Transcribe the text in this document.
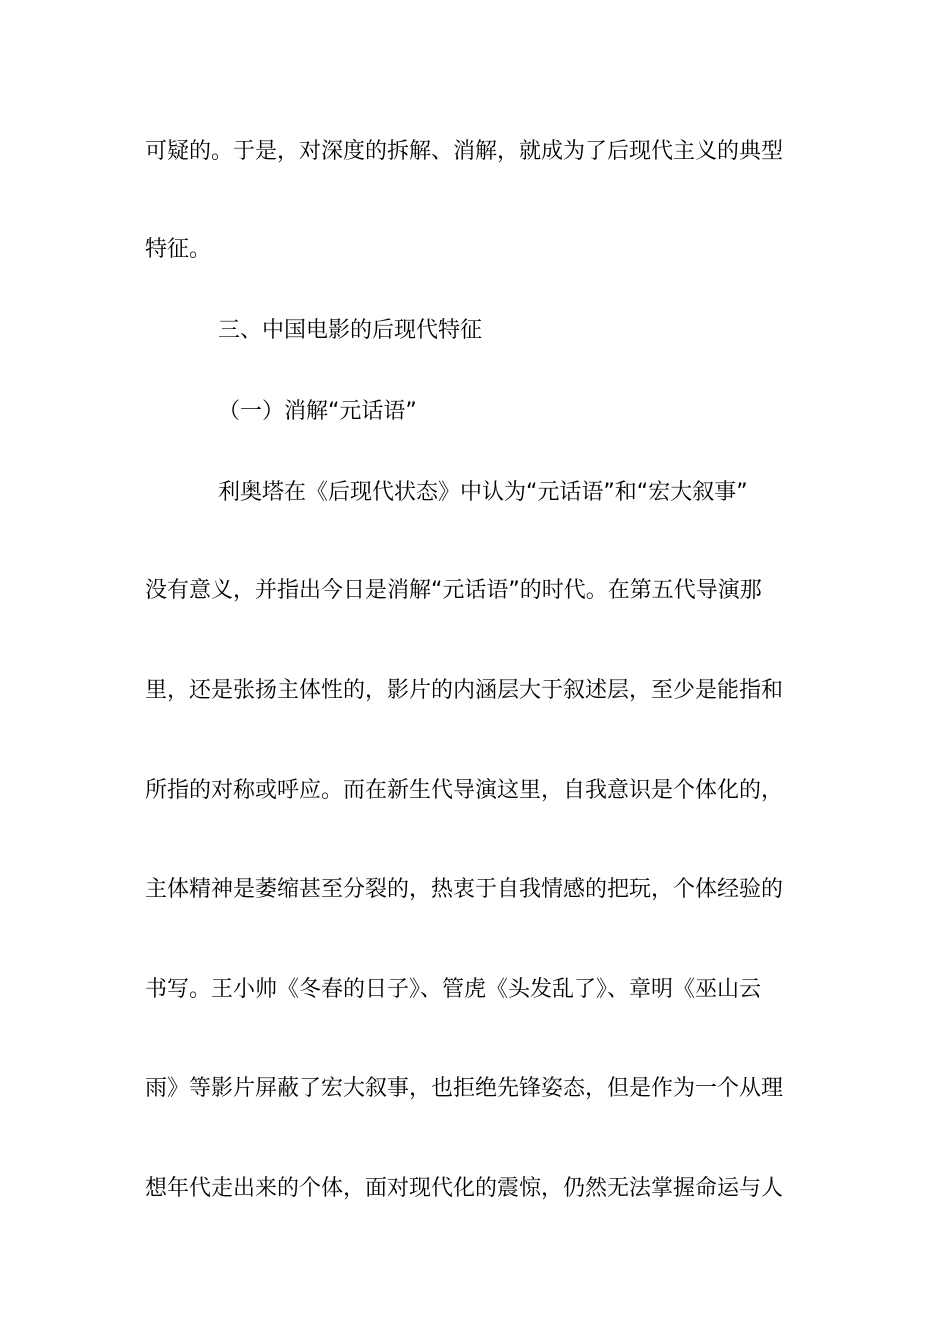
可疑的。于是，对深度的拆解、消解，就成为了后现代主义的典型
特征。
三、中国电影的后现代特征
（一）消解“元话语”
利奥塔在《后现代状态》中认为“元话语”和“宏大叙事”
没有意义，并指出今日是消解“元话语”的时代。在第五代导演那
里，还是张扬主体性的，影片的内涵层大于叙述层，至少是能指和
所指的对称或呼应。而在新生代导演这里，自我意识是个体化的，
主体精神是萎缩甚至分裂的，热衷于自我情感的把玩，个体经验的
书写。王小帅《冬春的日子》、管虎《头发乱了》、章明《巫山云
雨》等影片屏蔽了宏大叙事，也拒绝先锋姿态，但是作为一个从理
想年代走出来的个体，面对现代化的震惊，仍然无法掌握命运与人
